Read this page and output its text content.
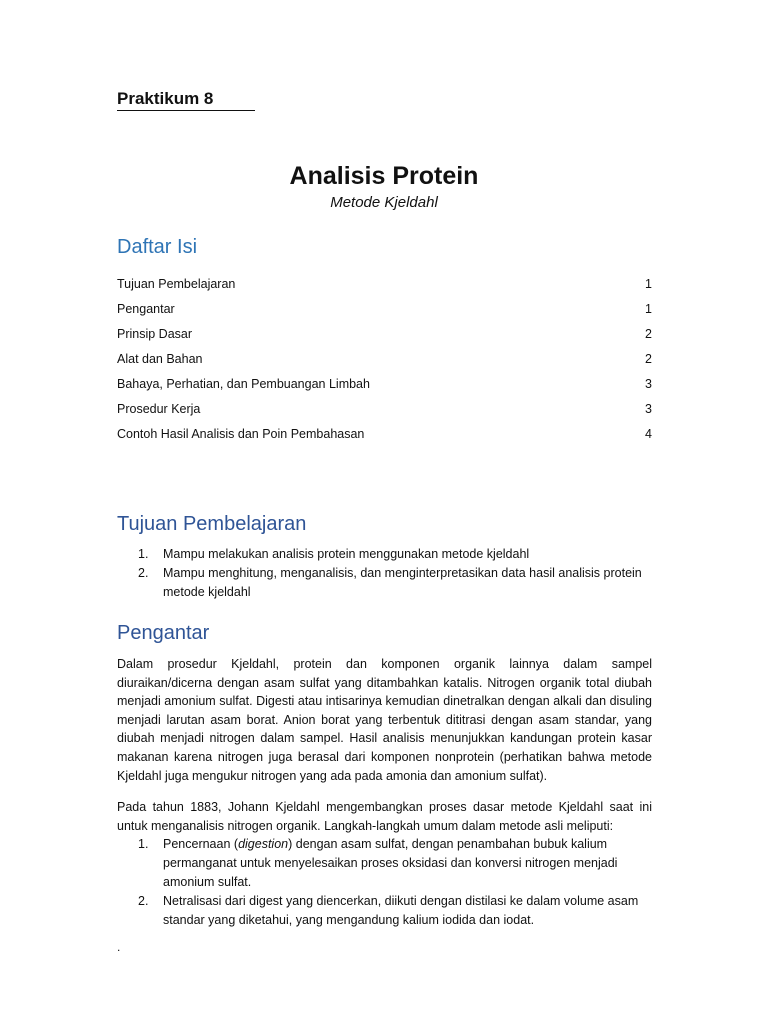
Praktikum 8
Analisis Protein
Metode Kjeldahl
Daftar Isi
Tujuan Pembelajaran	1
Pengantar	1
Prinsip Dasar	2
Alat dan Bahan	2
Bahaya, Perhatian, dan Pembuangan Limbah	3
Prosedur Kerja	3
Contoh Hasil Analisis dan Poin Pembahasan	4
Tujuan Pembelajaran
1.	Mampu melakukan analisis protein menggunakan metode kjeldahl
2.	Mampu menghitung, menganalisis, dan menginterpretasikan data hasil analisis protein metode kjeldahl
Pengantar

Dalam prosedur Kjeldahl, protein dan komponen organik lainnya dalam sampel diuraikan/dicerna dengan asam sulfat yang ditambahkan katalis. Nitrogen organik total diubah menjadi amonium sulfat. Digesti atau intisarinya kemudian dinetralkan dengan alkali dan disuling menjadi larutan asam borat. Anion borat yang terbentuk dititrasi dengan asam standar, yang diubah menjadi nitrogen dalam sampel. Hasil analisis menunjukkan kandungan protein kasar makanan karena nitrogen juga berasal dari komponen nonprotein (perhatikan bahwa metode Kjeldahl juga mengukur nitrogen yang ada pada amonia dan amonium sulfat).

Pada tahun 1883, Johann Kjeldahl mengembangkan proses dasar metode Kjeldahl saat ini untuk menganalisis nitrogen organik. Langkah-langkah umum dalam metode asli meliputi:

1.	Pencernaan (digestion) dengan asam sulfat, dengan penambahan bubuk kalium permanganat untuk menyelesaikan proses oksidasi dan konversi nitrogen menjadi amonium sulfat.
2.	Netralisasi dari digest yang diencerkan, diikuti dengan distilasi ke dalam volume asam standar yang diketahui, yang mengandung kalium iodida dan iodat.
.
